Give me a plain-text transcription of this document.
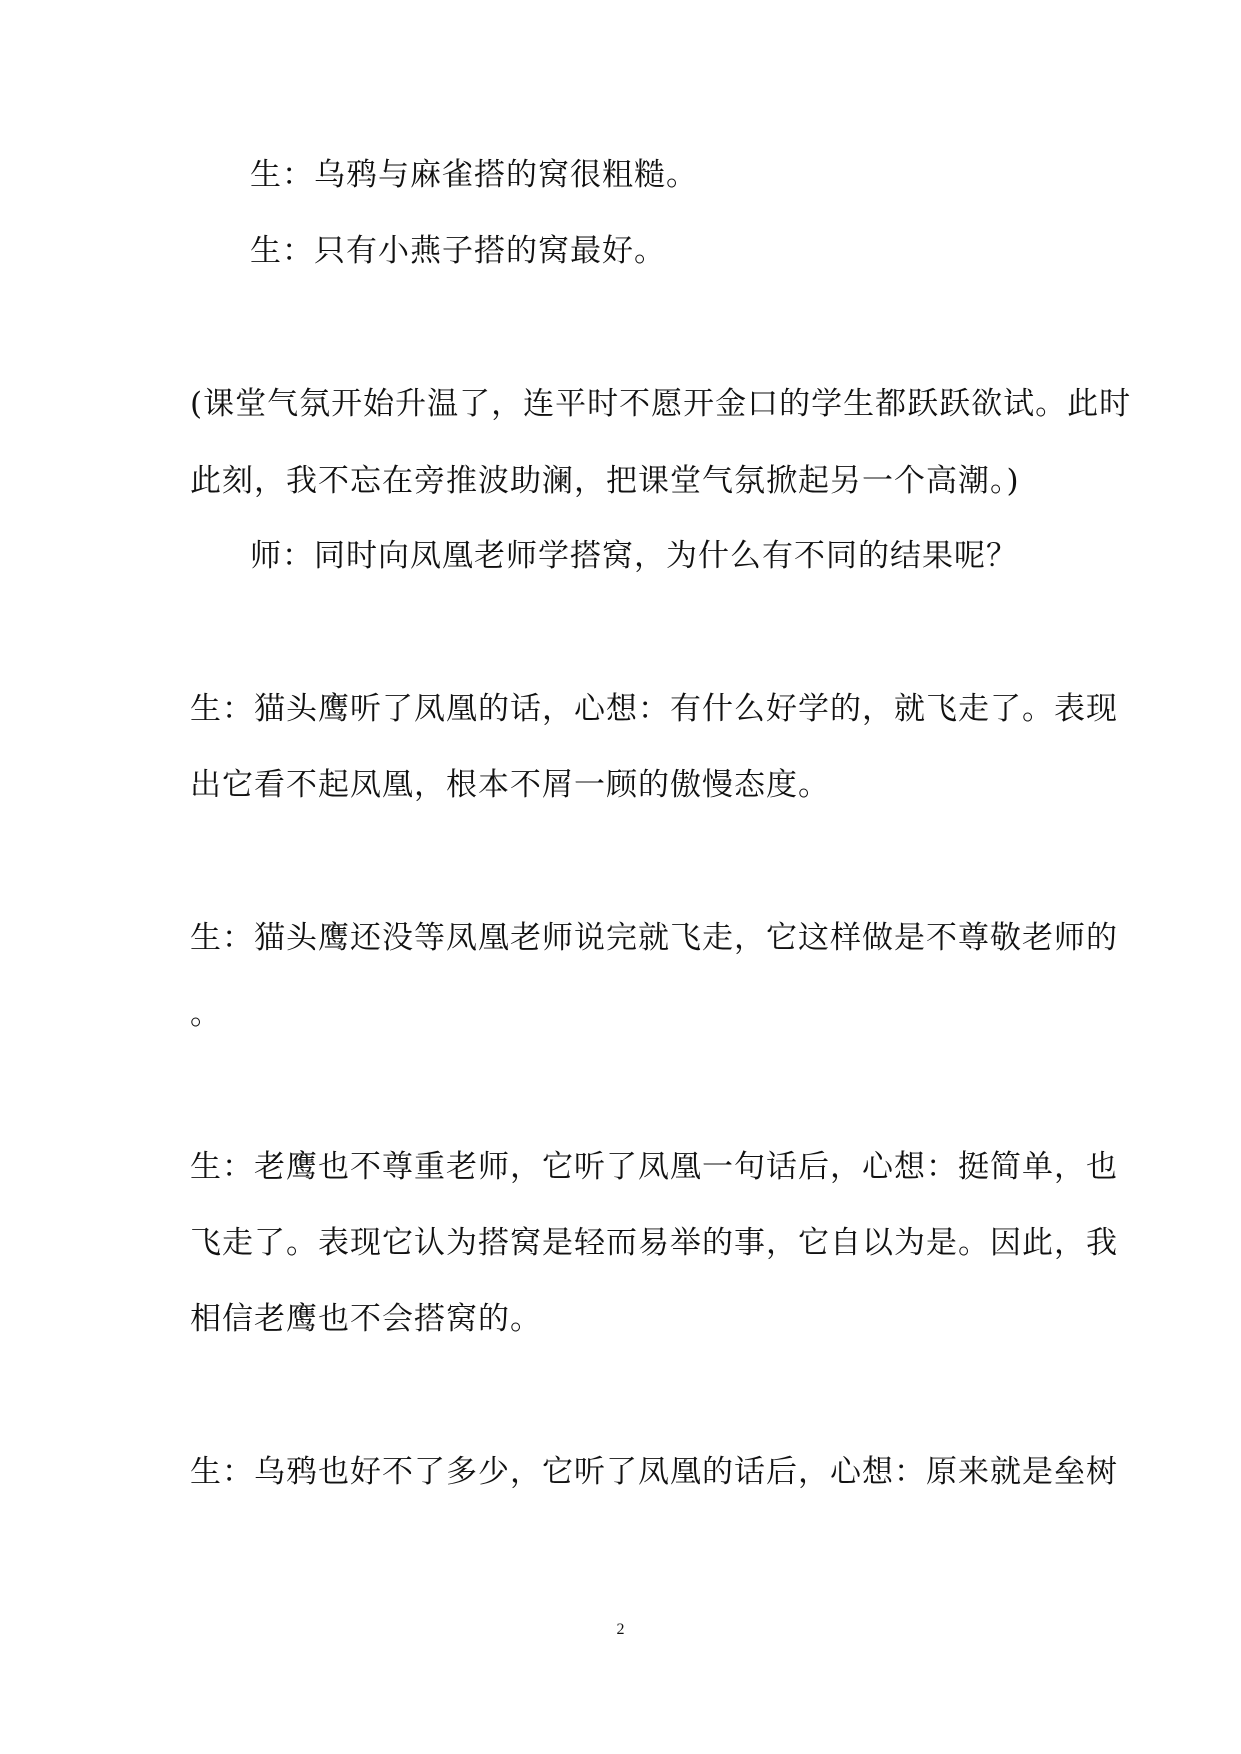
生：乌鸦与麻雀搭的窝很粗糙。
生：只有小燕子搭的窝最好。
(课堂气氛开始升温了，连平时不愿开金口的学生都跃跃欲试。此时
此刻，我不忘在旁推波助澜，把课堂气氛掀起另一个高潮。)
师：同时向凤凰老师学搭窝，为什么有不同的结果呢？
生：猫头鹰听了凤凰的话，心想：有什么好学的，就飞走了。表现
出它看不起凤凰，根本不屑一顾的傲慢态度。
生：猫头鹰还没等凤凰老师说完就飞走，它这样做是不尊敬老师的
。
生：老鹰也不尊重老师，它听了凤凰一句话后，心想：挺简单，也
飞走了。表现它认为搭窝是轻而易举的事，它自以为是。因此，我
相信老鹰也不会搭窝的。
生：乌鸦也好不了多少，它听了凤凰的话后，心想：原来就是垒树
2
